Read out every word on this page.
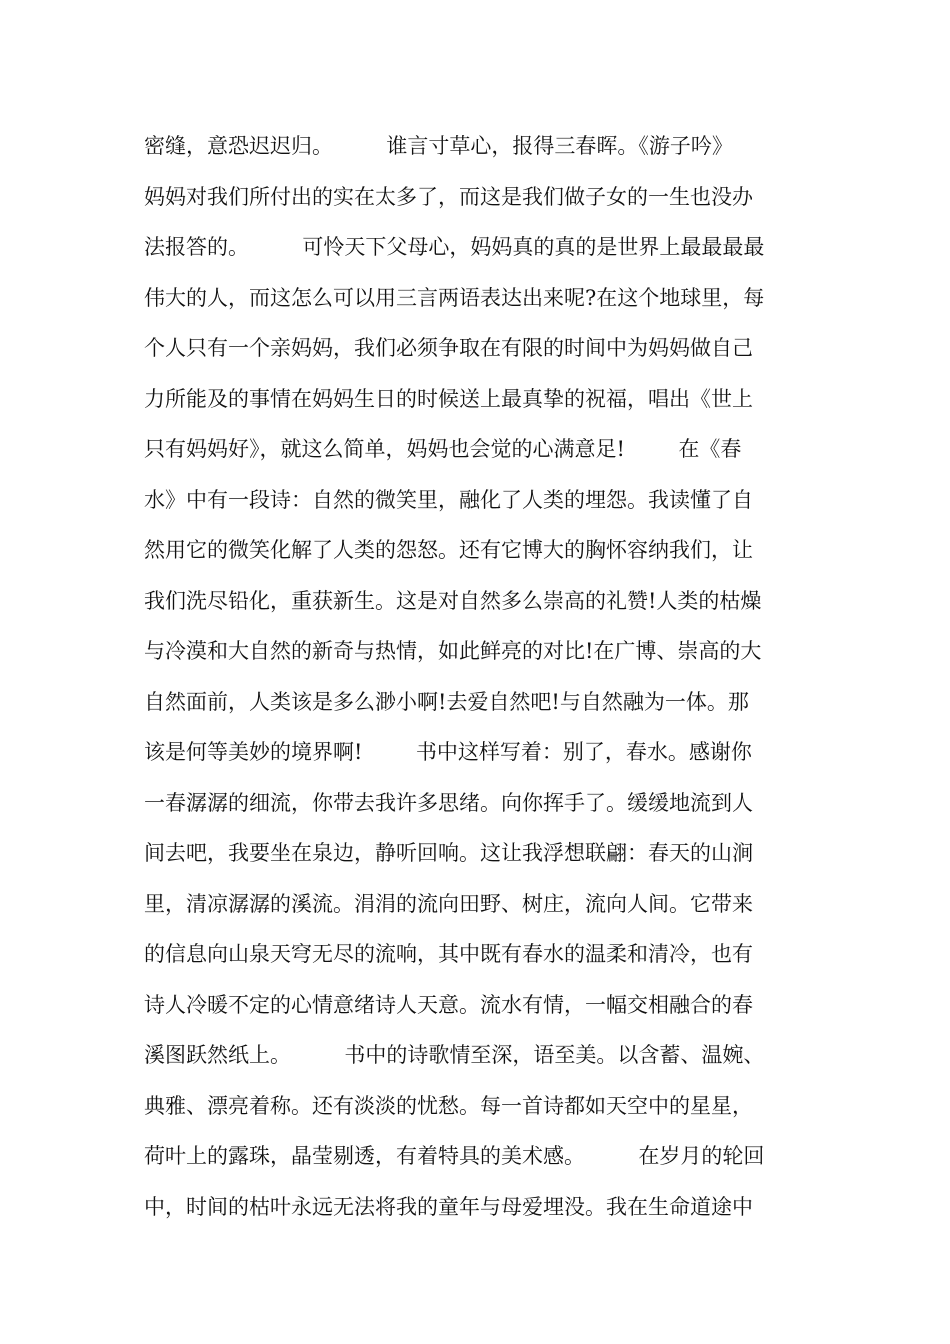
密缝，意恐迟迟归。        谁言寸草心，报得三春晖。《游子吟》
妈妈对我们所付出的实在太多了，而这是我们做子女的一生也没办
法报答的。        可怜天下父母心，妈妈真的真的是世界上最最最最
伟大的人，而这怎么可以用三言两语表达出来呢?在这个地球里，每
个人只有一个亲妈妈，我们必须争取在有限的时间中为妈妈做自己
力所能及的事情在妈妈生日的时候送上最真挚的祝福，唱出《世上
只有妈妈好》，就这么简单，妈妈也会觉的心满意足!        在《春
水》中有一段诗：自然的微笑里，融化了人类的埋怨。我读懂了自
然用它的微笑化解了人类的怨怒。还有它博大的胸怀容纳我们，让
我们洗尽铅化，重获新生。这是对自然多么崇高的礼赞!人类的枯燥
与冷漠和大自然的新奇与热情，如此鲜亮的对比!在广博、崇高的大
自然面前，人类该是多么渺小啊!去爱自然吧!与自然融为一体。那
该是何等美妙的境界啊!        书中这样写着：别了，春水。感谢你
一春潺潺的细流，你带去我许多思绪。向你挥手了。缓缓地流到人
间去吧，我要坐在泉边，静听回响。这让我浮想联翩：春天的山涧
里，清凉潺潺的溪流。涓涓的流向田野、树庄，流向人间。它带来
的信息向山泉天穹无尽的流响，其中既有春水的温柔和清冷，也有
诗人冷暖不定的心情意绪诗人天意。流水有情，一幅交相融合的春
溪图跃然纸上。        书中的诗歌情至深，语至美。以含蓄、温婉、
典雅、漂亮着称。还有淡淡的忧愁。每一首诗都如天空中的星星，
荷叶上的露珠，晶莹剔透，有着特具的美术感。        在岁月的轮回
中，时间的枯叶永远无法将我的童年与母爱埋没。我在生命道途中
